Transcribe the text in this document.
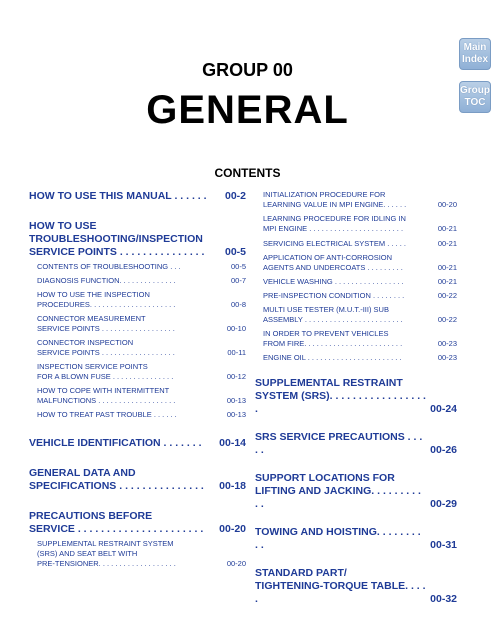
Main
Index
Group
TOC
GROUP 00
GENERAL
CONTENTS
HOW TO USE THIS MANUAL . . . . . .	00-2
HOW TO USE
TROUBLESHOOTING/INSPECTION
SERVICE POINTS . . . . . . . . . . . . . . .	00-5
CONTENTS OF TROUBLESHOOTING . . .	00-5
DIAGNOSIS FUNCTION. . . . . . . . . . . . . .	00-7
HOW TO USE THE INSPECTION
PROCEDURES. . . . . . . . . . . . . . . . . . . . .	00-8
CONNECTOR MEASUREMENT
SERVICE POINTS . . . . . . . . . . . . . . . . . .	00-10
CONNECTOR INSPECTION
SERVICE POINTS . . . . . . . . . . . . . . . . . .	00-11
INSPECTION SERVICE POINTS
FOR A BLOWN FUSE . . . . . . . . . . . . . . .	00-12
HOW TO COPE WITH INTERMITTENT
MALFUNCTIONS . . . . . . . . . . . . . . . . . . .	00-13
HOW TO TREAT PAST TROUBLE . . . . . .	00-13
VEHICLE IDENTIFICATION . . . . . . .	00-14
GENERAL DATA AND
SPECIFICATIONS . . . . . . . . . . . . . . .	00-18
PRECAUTIONS BEFORE
SERVICE . . . . . . . . . . . . . . . . . . . . . .	00-20
SUPPLEMENTAL RESTRAINT SYSTEM
(SRS) AND SEAT BELT WITH
PRE-TENSIONER. . . . . . . . . . . . . . . . . . .	00-20
INITIALIZATION PROCEDURE FOR
LEARNING VALUE IN MPI ENGINE. . . . . .	00-20
LEARNING PROCEDURE FOR IDLING IN
MPI ENGINE . . . . . . . . . . . . . . . . . . . . . . .	00-21
SERVICING ELECTRICAL SYSTEM . . . . .	00-21
APPLICATION OF ANTI-CORROSION
AGENTS AND UNDERCOATS . . . . . . . . .	00-21
VEHICLE WASHING . . . . . . . . . . . . . . . . .	00-21
PRE-INSPECTION CONDITION . . . . . . . .	00-22
MULTI USE TESTER (M.U.T.-III) SUB
ASSEMBLY . . . . . . . . . . . . . . . . . . . . . . . .	00-22
IN ORDER TO PREVENT VEHICLES
FROM FIRE. . . . . . . . . . . . . . . . . . . . . . . .	00-23
ENGINE OIL . . . . . . . . . . . . . . . . . . . . . . .	00-23
SUPPLEMENTAL RESTRAINT
SYSTEM (SRS). . . . . . . . . . . . . . . . . .	00-24
SRS SERVICE PRECAUTIONS . . . . .	00-26
SUPPORT LOCATIONS FOR
LIFTING AND JACKING. . . . . . . . . . .	00-29
TOWING AND HOISTING. . . . . . . . . .	00-31
STANDARD PART/
TIGHTENING-TORQUE TABLE. . . . .	00-32
